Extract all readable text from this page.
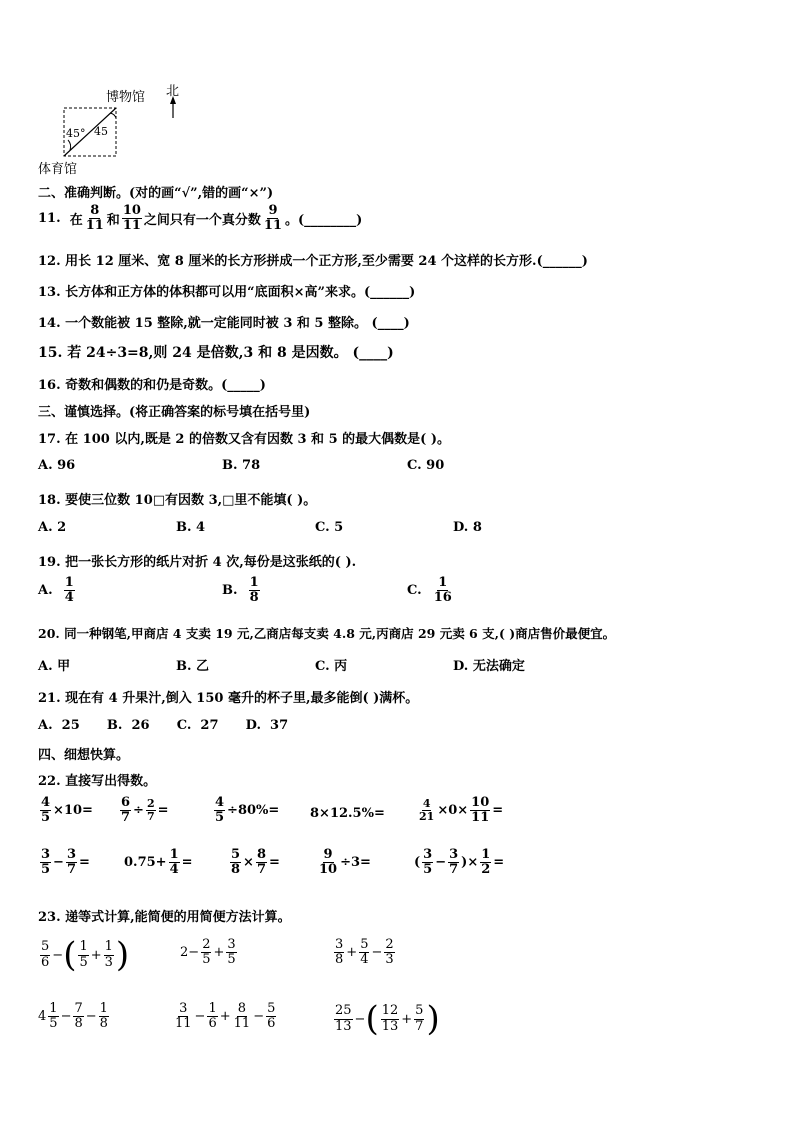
博物馆 北
45° 45
体育馆
二、准确判断。(对的画“√”,错的画“×”)
11.
在 $\frac{8}{11}$ 和 $\frac{10}{11}$ 之间只有一个真分数 $\frac{9}{11}$ 。(________)
12. 用长 12 厘米、宽 8 厘米的长方形拼成一个正方形,至少需要 24 个这样的长方形.(______)
13. 长方体和正方体的体积都可以用“底面积×高”来求。(______)
14. 一个数能被 15 整除,就一定能同时被 3 和 5 整除。 (____)
15. 若 24÷3=8,则 24 是倍数,3 和 8 是因数。 (____)
16. 奇数和偶数的和仍是奇数。(_____)
三、谨慎选择。(将正确答案的标号填在括号里)
17. 在 100 以内,既是 2 的倍数又含有因数 3 和 5 的最大偶数是( )。
A. 96	B. 78	C. 90
18. 要使三位数 10□有因数 3,□里不能填( )。
A. 2	B. 4	C. 5	D. 8
19. 把一张长方形的纸片对折 4 次,每份是这张纸的( ).
A.
$\frac{1}{4}$	B.
$\frac{1}{8}$	C.
$\frac{1}{16}$
20. 同一种钢笔,甲商店 4 支卖 19 元,乙商店每支卖 4.8 元,丙商店 29 元卖 6 支,( )商店售价最便宜。
A. 甲	B. 乙	C. 丙	D. 无法确定
21. 现在有 4 升果汁,倒入 150 毫升的杯子里,最多能倒( )满杯。
A.  25      B.  26      C.  27      D.  37
四、细想快算。
22. 直接写出得数。
$\frac{4}{5} \times 10= \frac{6}{7} \div \frac{2}{7}$ =	$\frac{4}{5} \div 80\%= 8\times 12.5\%=$	$\frac{4}{21} \times 0\times \frac{10}{11}$ =
$\frac{3}{5} - \frac{3}{7}$ =	$0.75+ \frac{1}{4}$ =	$\frac{5}{8} \times \frac{8}{7}$ =	$\frac{9}{10} \div 3=$	( $\frac{3}{5} - \frac{3}{7}$ ) × $\frac{1}{2}$ =
23. 递等式计算,能简便的用简便方法计算。
$\frac{5}{6}$ − ( $\frac{1}{5} + \frac{1}{3}$ )	$2 - \frac{2}{5} + \frac{3}{5}$	$\frac{3}{8} + \frac{5}{4} - \frac{2}{3}$
$4 \frac{1}{5} - \frac{7}{8} - \frac{1}{8}$	$\frac{3}{11} - \frac{1}{6} + \frac{8}{11} - \frac{5}{6}$	$\frac{25}{13}$ − ( $\frac{12}{13} + \frac{5}{7}$ )
